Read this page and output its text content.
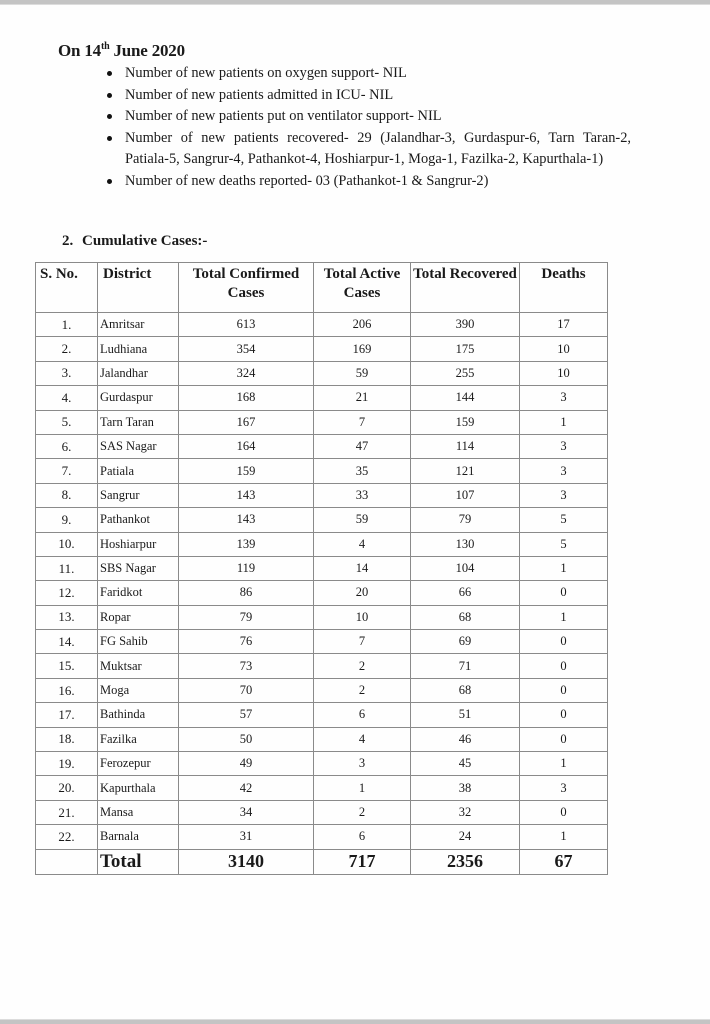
On 14th June 2020
Number of new patients on oxygen support- NIL
Number of new patients admitted in ICU- NIL
Number of new patients put on ventilator support- NIL
Number of new patients recovered- 29 (Jalandhar-3, Gurdaspur-6, Tarn Taran-2, Patiala-5, Sangrur-4, Pathankot-4, Hoshiarpur-1, Moga-1, Fazilka-2, Kapurthala-1)
Number of new deaths reported- 03 (Pathankot-1 & Sangrur-2)
2. Cumulative Cases:-
S. No.	District	Total Confirmed Cases	Total Active Cases	Total Recovered	Deaths
1.	Amritsar	613	206	390	17
2.	Ludhiana	354	169	175	10
3.	Jalandhar	324	59	255	10
4.	Gurdaspur	168	21	144	3
5.	Tarn Taran	167	7	159	1
6.	SAS Nagar	164	47	114	3
7.	Patiala	159	35	121	3
8.	Sangrur	143	33	107	3
9.	Pathankot	143	59	79	5
10.	Hoshiarpur	139	4	130	5
11.	SBS Nagar	119	14	104	1
12.	Faridkot	86	20	66	0
13.	Ropar	79	10	68	1
14.	FG Sahib	76	7	69	0
15.	Muktsar	73	2	71	0
16.	Moga	70	2	68	0
17.	Bathinda	57	6	51	0
18.	Fazilka	50	4	46	0
19.	Ferozepur	49	3	45	1
20.	Kapurthala	42	1	38	3
21.	Mansa	34	2	32	0
22.	Barnala	31	6	24	1
	Total	3140	717	2356	67
